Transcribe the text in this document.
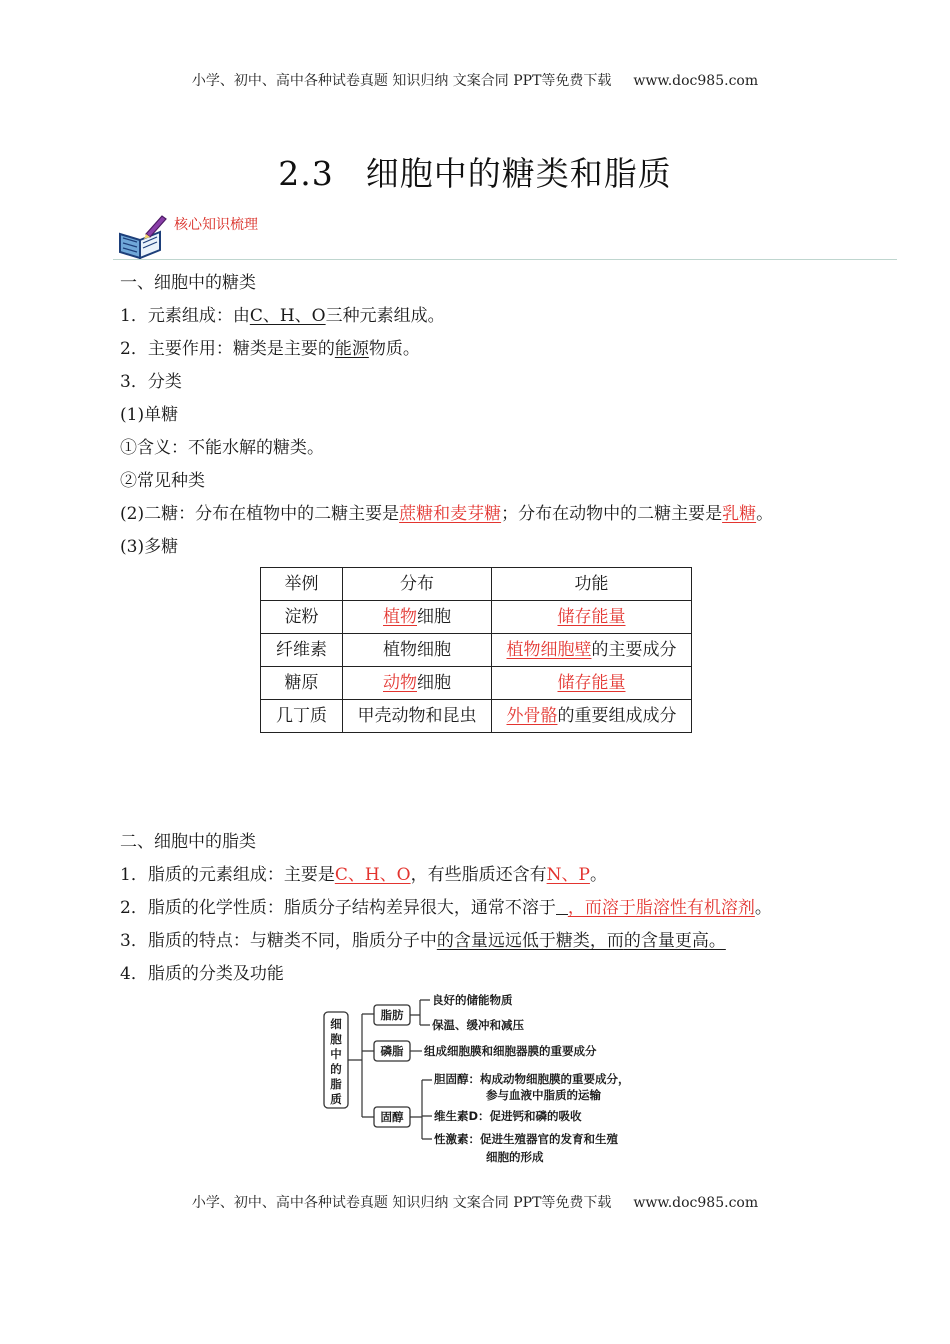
小学、初中、高中各种试卷真题 知识归纳 文案合同 PPT等免费下载 www.doc985.com
2.3 细胞中的糖类和脂质
核心知识梳理
一、细胞中的糖类
1．元素组成：由C、H、O三种元素组成。
2．主要作用：糖类是主要的能源物质。
3．分类
(1)单糖
①含义：不能水解的糖类。
②常见种类
(2)二糖：分布在植物中的二糖主要是蔗糖和麦芽糖；分布在动物中的二糖主要是乳糖。
(3)多糖
举例	分布	功能
淀粉	植物细胞	储存能量
纤维素	植物细胞	植物细胞壁的主要成分
糖原	动物细胞	储存能量
几丁质	甲壳动物和昆虫	外骨骼的重要组成成分
二、细胞中的脂类
1．脂质的元素组成：主要是C、H、O，有些脂质还含有N、P。
2．脂质的化学性质：脂质分子结构差异很大，通常不溶于 ，而溶于脂溶性有机溶剂。
3．脂质的特点：与糖类不同，脂质分子中的含量远远低于糖类，而的含量更高。
4．脂质的分类及功能
细
胞
中
的
脂
质
脂肪
良好的储能物质
保温、缓冲和减压
磷脂 组成细胞膜和细胞器膜的重要成分
固醇
胆固醇：构成动物细胞膜的重要成分，
参与血液中脂质的运输
维生素D：促进钙和磷的吸收
性激素：促进生殖器官的发育和生殖
细胞的形成
小学、初中、高中各种试卷真题 知识归纳 文案合同 PPT等免费下载 www.doc985.com
